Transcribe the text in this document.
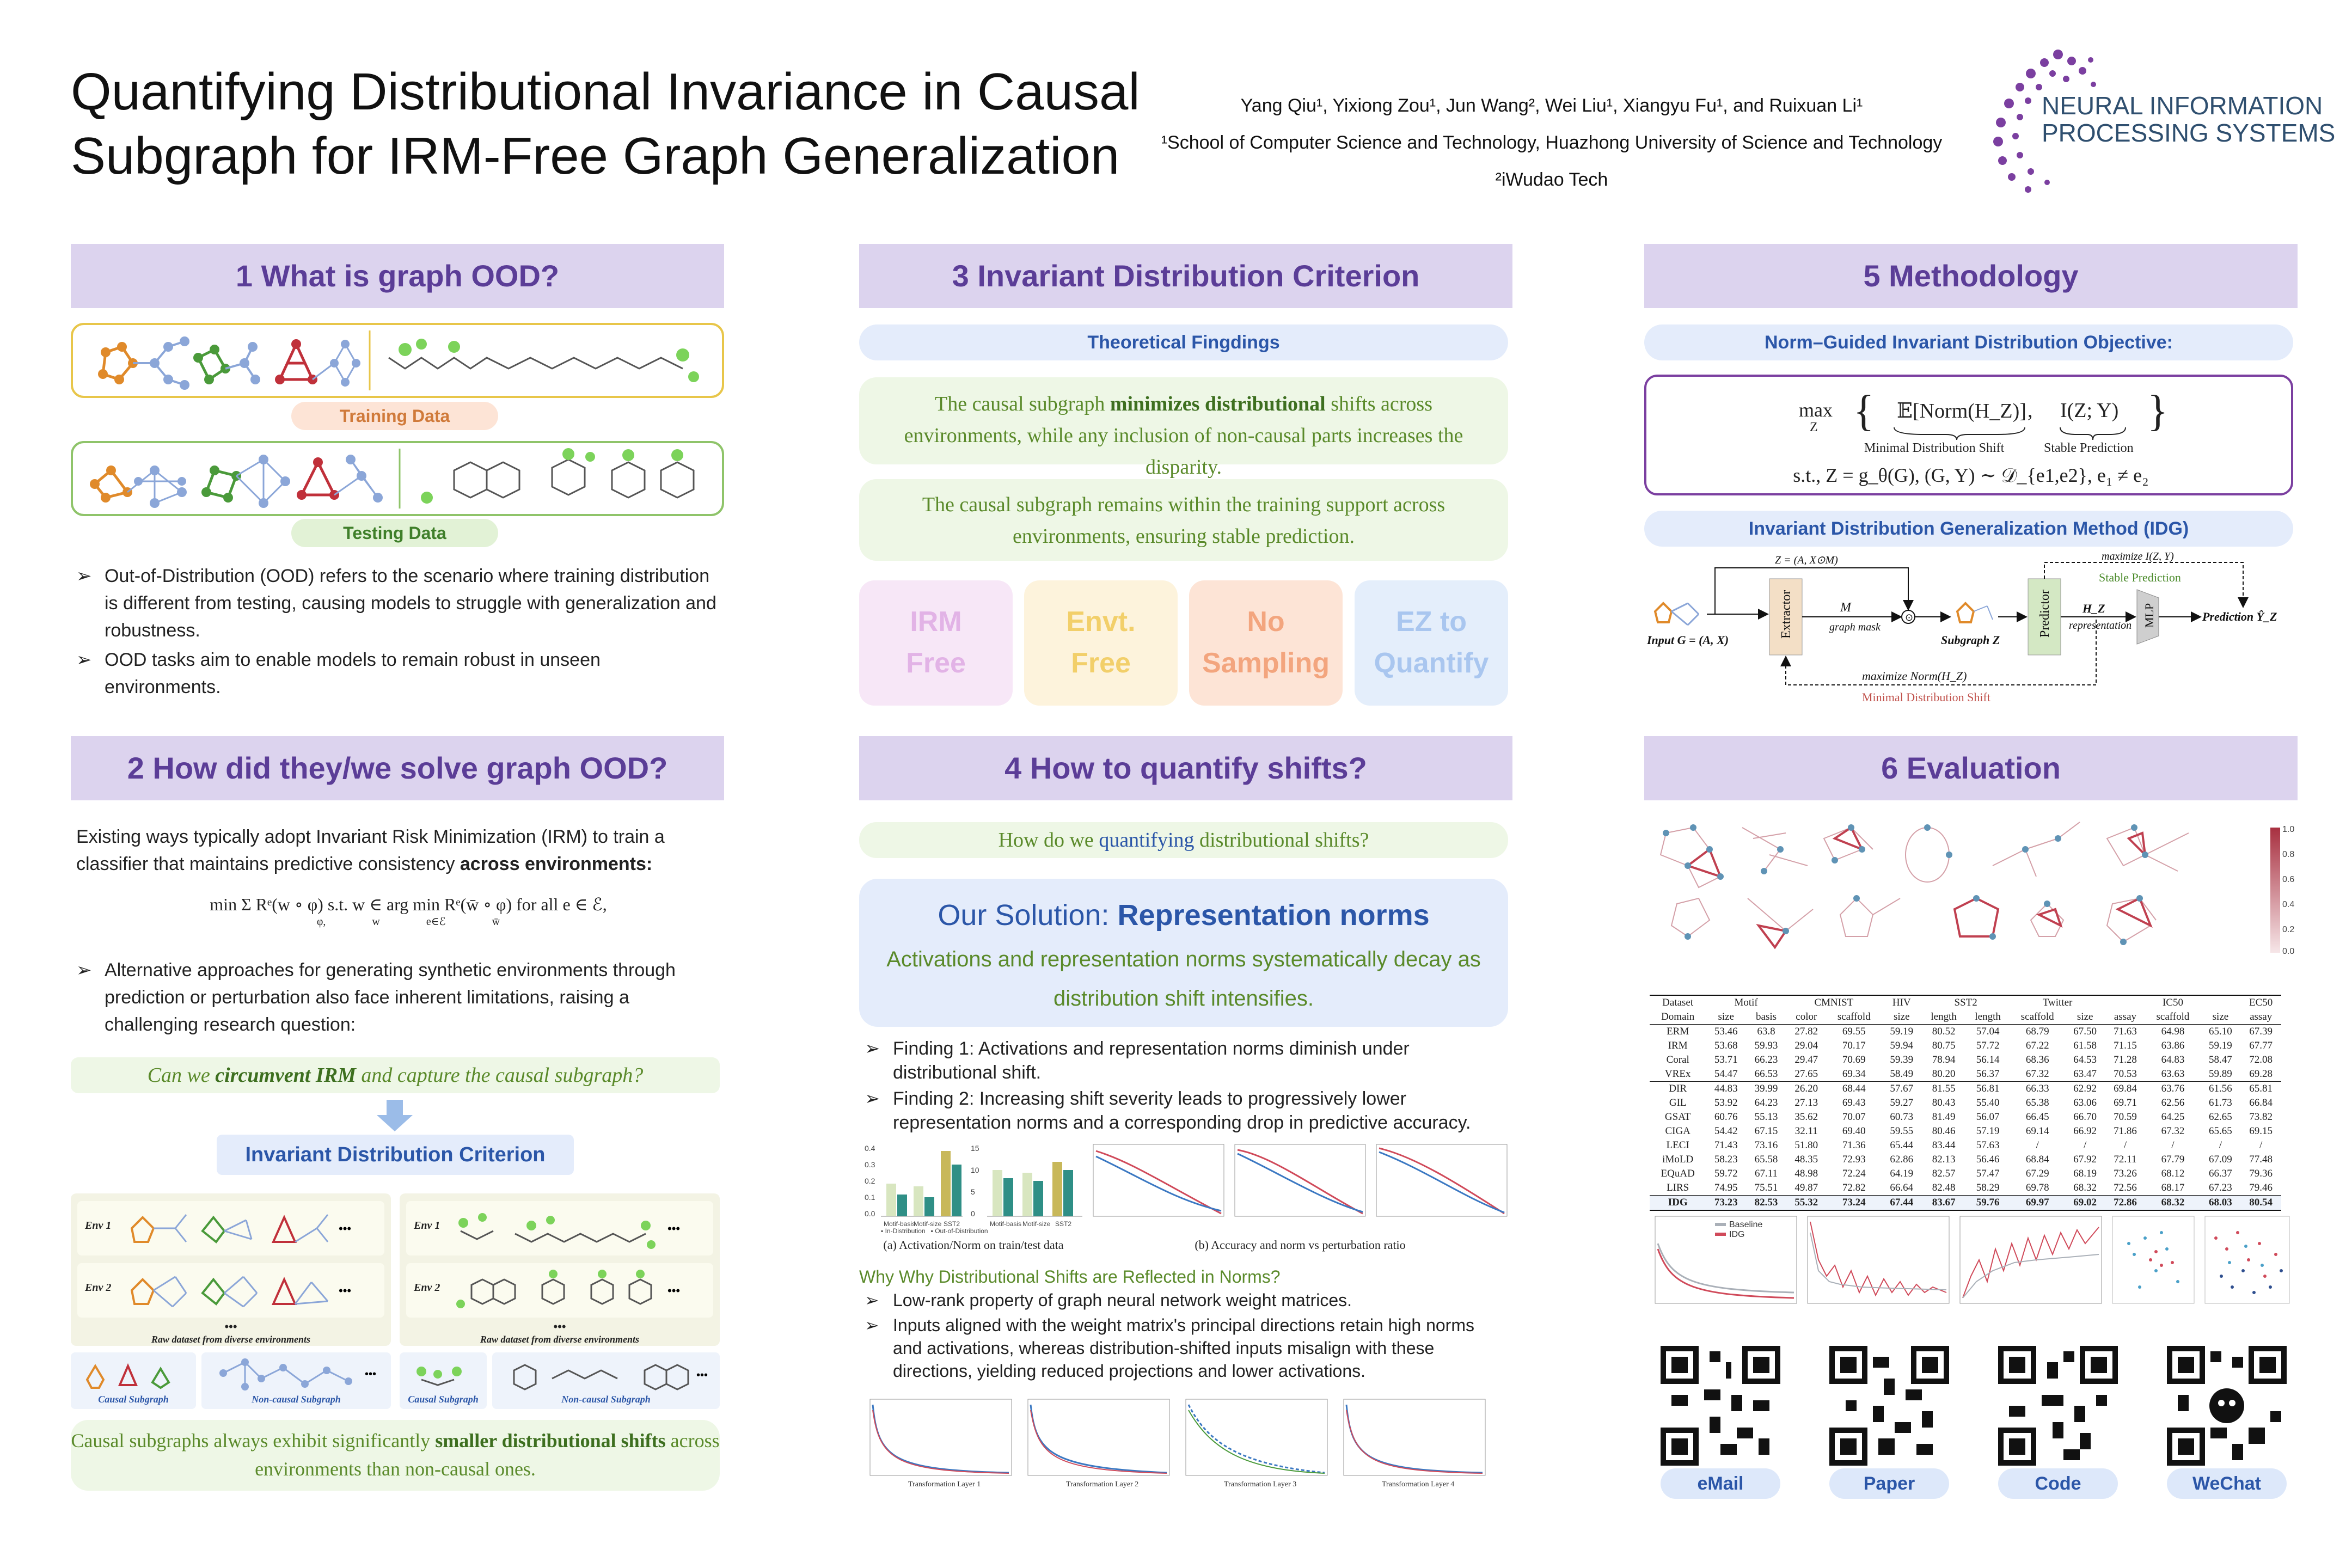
Quantifying Distributional Invariance in Causal
Subgraph for IRM-Free Graph Generalization
Yang Qiu¹, Yixiong Zou¹, Jun Wang², Wei Liu¹, Xiangyu Fu¹, and Ruixuan Li¹
¹School of Computer Science and Technology, Huazhong University of Science and Technology
²iWudao Tech
NEURAL INFORMATION
PROCESSING SYSTEMS
1 What is graph OOD?
Training Data
Testing Data
➢ Out-of-Distribution (OOD) refers to the scenario where training distribution is different from testing, causing models to struggle with generalization and robustness.
➢ OOD tasks aim to enable models to remain robust in unseen environments.
2 How did they/we solve graph OOD?
Existing ways typically adopt Invariant Risk Minimization (IRM) to train a classifier that maintains predictive consistency across environments:
min Σ Rᵉ(w ∘ φ) s.t. w ∈ arg min Rᵉ(w̄ ∘ φ) for all e ∈ ℰ,
φ, w	e∈ℰ	w̄
➢ Alternative approaches for generating synthetic environments through prediction or perturbation also face inherent limitations, raising a challenging research question:
Can we circumvent IRM and capture the causal subgraph?
Invariant Distribution Criterion
Env 1	•••
Env 2	•••
•••
Raw dataset from diverse environments
Env 1	•••
Env 2	•••
•••
Raw dataset from diverse environments
Causal Subgraph
•••
Non-causal Subgraph	Causal Subgraph
•••
Non-causal Subgraph
Causal subgraphs always exhibit significantly smaller distributional shifts across environments than non-causal ones.
3 Invariant Distribution Criterion
Theoretical Fingdings
The causal subgraph minimizes distributional shifts across environments, while any inclusion of non-causal parts increases the disparity.
The causal subgraph remains within the training support across environments, ensuring stable prediction.
IRM
Free
Envt.
Free
No
Sampling
EZ to
Quantify
4 How to quantify shifts?
How do we quantifying distributional shifts?
Our Solution: Representation norms
Activations and representation norms systematically decay as distribution shift intensifies.
➢ Finding 1: Activations and representation norms diminish under distributional shift.
➢ Finding 2: Increasing shift severity leads to progressively lower representation norms and a corresponding drop in predictive accuracy.
0.4
0.3
0.2
0.1
0.0
15
10
5
0
Motif-basis
Motif-size SST2	Motif-basis Motif-size SST2
▪ In-Distribution   ▪ Out-of-Distribution
(a) Activation/Norm on train/test data	(b) Accuracy and norm vs perturbation ratio
Why Why Distributional Shifts are Reflected in Norms?
➢ Low-rank property of graph neural network weight matrices.
➢ Inputs aligned with the weight matrix's principal directions retain high norms and activations, whereas distribution-shifted inputs misalign with these directions, yielding reduced projections and lower activations.
Transformation Layer 1	Transformation Layer 2	Transformation Layer 3	Transformation Layer 4
5 Methodology
Norm–Guided Invariant Distribution Objective:
max
Z { 𝔼[Norm(H_Z)] , I(Z; Y) }
Minimal Distribution Shift	Stable Prediction
s.t., Z = g_θ(G), (G, Y) ∼ 𝒟_{e1,e2}, e₁ ≠ e₂
Invariant Distribution Generalization Method (IDG)
Input G = (A, X)
Extractor	M
graph mask
⊙
Z = (A, X⊙M)
Subgraph Z
Predictor	H_Z
representation MLP	Prediction Ŷ_Z
maximize I(Z, Y)
Stable Prediction
maximize Norm(H_Z)
Minimal Distribution Shift
6 Evaluation
1.0
0.8
0.6
0.4
0.2
0.0
Dataset	Motif		CMNIST		HIV	SST2		Twitter		IC50			EC50
Domain	size	basis	color	scaffold	size	length	length	scaffold	size	assay	scaffold	size	assay
ERM	53.46	63.8	27.82	69.55	59.19	80.52	57.04	68.79	67.50	71.63	64.98	65.10	67.39
IRM	53.68	59.93	29.04	70.17	59.94	80.75	57.72	67.22	61.58	71.15	63.86	59.19	67.77
Coral	53.71	66.23	29.47	70.69	59.39	78.94	56.14	68.36	64.53	71.28	64.83	58.47	72.08
VREx	54.47	66.53	27.65	69.34	58.49	80.20	56.37	67.32	63.47	70.53	63.63	59.89	69.28
DIR	44.83	39.99	26.20	68.44	57.67	81.55	56.81	66.33	62.92	69.84	63.76	61.56	65.81
GIL	53.92	64.23	27.13	69.43	59.27	80.43	55.40	65.38	63.06	69.71	62.56	61.73	66.84
GSAT	60.76	55.13	35.62	70.07	60.73	81.49	56.07	66.45	66.70	70.59	64.25	62.65	73.82
CIGA	54.42	67.15	32.11	69.40	59.55	80.46	57.19	69.14	66.92	71.86	67.32	65.65	69.15
LECI	71.43	73.16	51.80	71.36	65.44	83.44	57.63	/	/	/	/	/	/
iMoLD	58.23	65.58	48.35	72.93	62.86	82.13	56.46	68.84	67.92	72.11	67.79	67.09	77.48
EQuAD	59.72	67.11	48.98	72.24	64.19	82.57	57.47	67.29	68.19	73.26	68.12	66.37	79.36
LIRS	74.95	75.51	49.87	72.82	66.64	82.48	58.29	69.78	68.32	72.56	68.17	67.23	79.46
IDG	73.23	82.53	55.32	73.24	67.44	83.67	59.76	69.97	69.02	72.86	68.32	68.03	80.54
Baseline
IDG
eMail	Paper	Code	WeChat
